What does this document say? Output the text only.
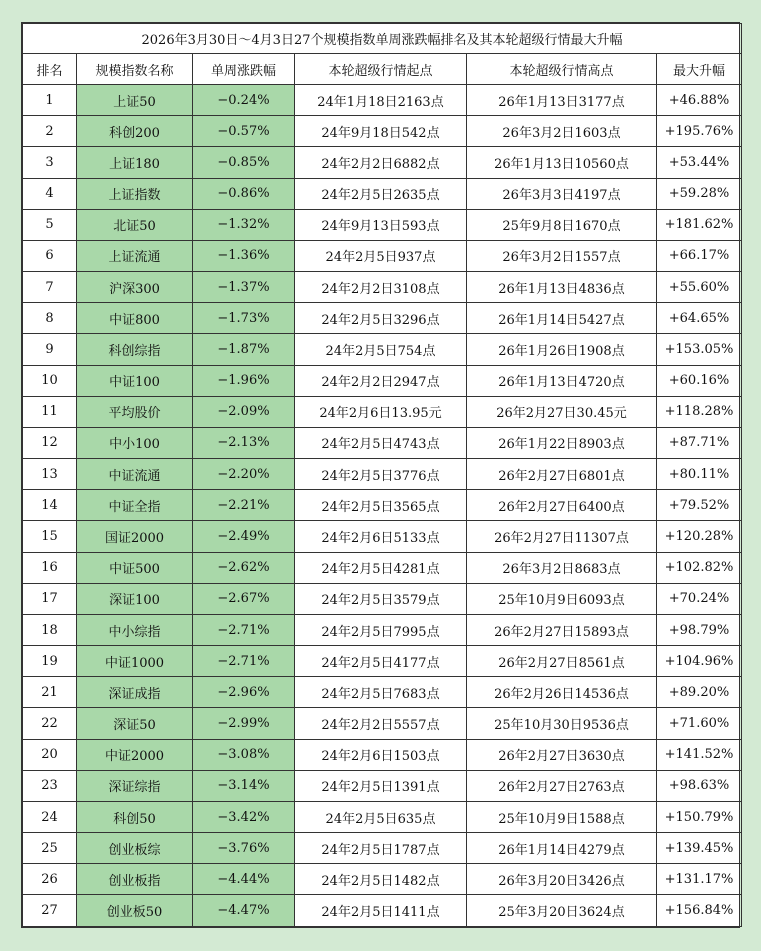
2026年3月30日～4月3日27个规模指数单周涨跌幅排名及其本轮超级行情最大升幅					
排名	规模指数名称	单周涨跌幅	本轮超级行情起点	本轮超级行情高点	最大升幅
1	上证50	−0.24%	24年1月18日2163点	26年1月13日3177点	+46.88%
2	科创200	−0.57%	24年9月18日542点	26年3月2日1603点	+195.76%
3	上证180	−0.85%	24年2月2日6882点	26年1月13日10560点	+53.44%
4	上证指数	−0.86%	24年2月5日2635点	26年3月3日4197点	+59.28%
5	北证50	−1.32%	24年9月13日593点	25年9月8日1670点	+181.62%
6	上证流通	−1.36%	24年2月5日937点	26年3月2日1557点	+66.17%
7	沪深300	−1.37%	24年2月2日3108点	26年1月13日4836点	+55.60%
8	中证800	−1.73%	24年2月5日3296点	26年1月14日5427点	+64.65%
9	科创综指	−1.87%	24年2月5日754点	26年1月26日1908点	+153.05%
10	中证100	−1.96%	24年2月2日2947点	26年1月13日4720点	+60.16%
11	平均股价	−2.09%	24年2月6日13.95元	26年2月27日30.45元	+118.28%
12	中小100	−2.13%	24年2月5日4743点	26年1月22日8903点	+87.71%
13	中证流通	−2.20%	24年2月5日3776点	26年2月27日6801点	+80.11%
14	中证全指	−2.21%	24年2月5日3565点	26年2月27日6400点	+79.52%
15	国证2000	−2.49%	24年2月6日5133点	26年2月27日11307点	+120.28%
16	中证500	−2.62%	24年2月5日4281点	26年3月2日8683点	+102.82%
17	深证100	−2.67%	24年2月5日3579点	25年10月9日6093点	+70.24%
18	中小综指	−2.71%	24年2月5日7995点	26年2月27日15893点	+98.79%
19	中证1000	−2.71%	24年2月5日4177点	26年2月27日8561点	+104.96%
21	深证成指	−2.96%	24年2月5日7683点	26年2月26日14536点	+89.20%
22	深证50	−2.99%	24年2月2日5557点	25年10月30日9536点	+71.60%
20	中证2000	−3.08%	24年2月6日1503点	26年2月27日3630点	+141.52%
23	深证综指	−3.14%	24年2月5日1391点	26年2月27日2763点	+98.63%
24	科创50	−3.42%	24年2月5日635点	25年10月9日1588点	+150.79%
25	创业板综	−3.76%	24年2月5日1787点	26年1月14日4279点	+139.45%
26	创业板指	−4.44%	24年2月5日1482点	26年3月20日3426点	+131.17%
27	创业板50	−4.47%	24年2月5日1411点	25年3月20日3624点	+156.84%
